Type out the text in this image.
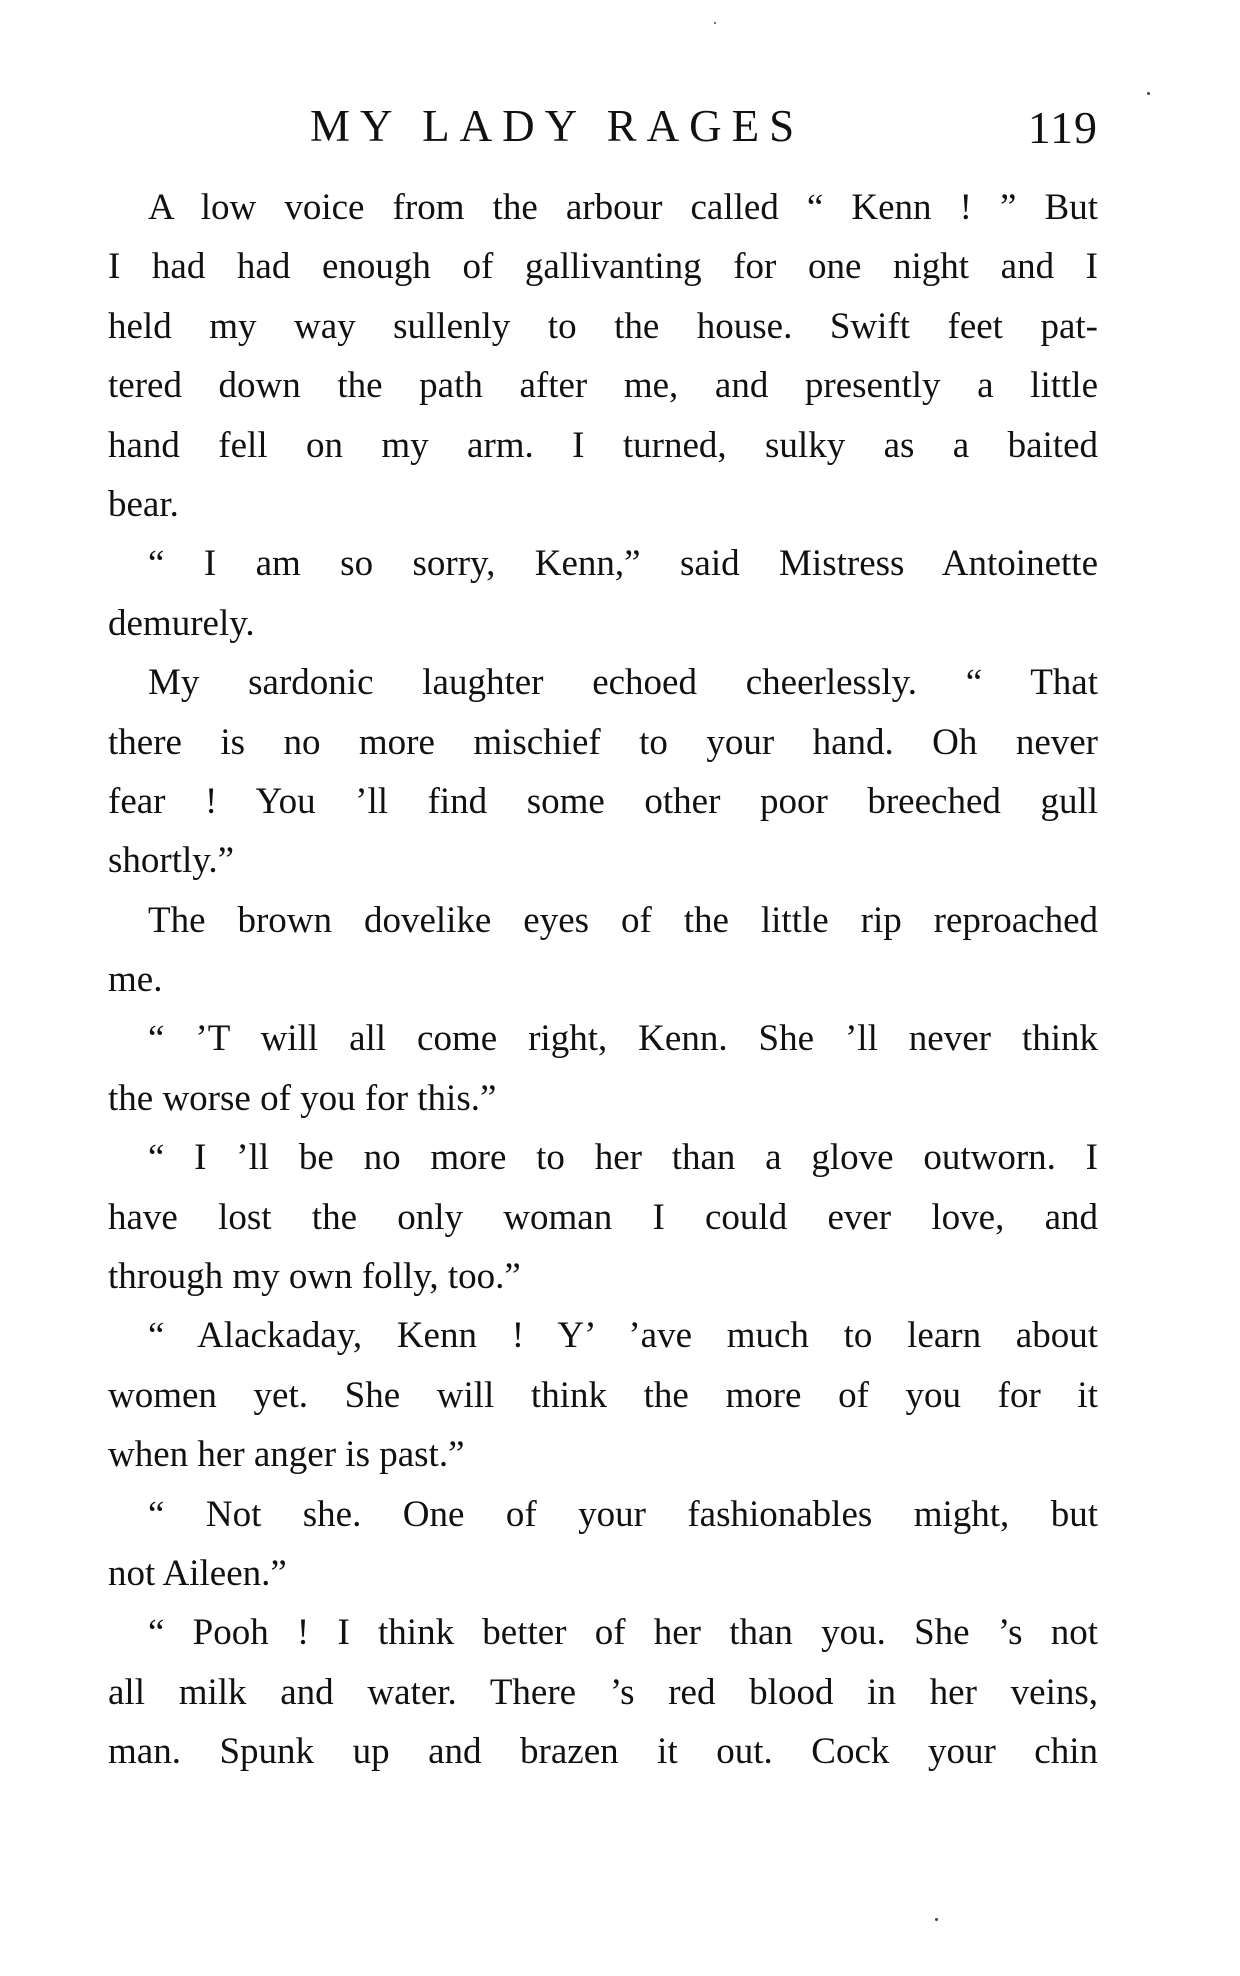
MY LADY RAGES	119
A low voice from the arbour called “ Kenn ! ” But
I had had enough of gallivanting for one night and I
held my way sullenly to the house. Swift feet pat-
tered down the path after me, and presently a little
hand fell on my arm. I turned, sulky as a baited
bear.
“ I am so sorry, Kenn,” said Mistress Antoinette
demurely.
My sardonic laughter echoed cheerlessly. “ That
there is no more mischief to your hand. Oh never
fear ! You ’ll find some other poor breeched gull
shortly.”
The brown dovelike eyes of the little rip reproached
me.
“ ’T will all come right, Kenn. She ’ll never think
the worse of you for this.”
“ I ’ll be no more to her than a glove outworn. I
have lost the only woman I could ever love, and
through my own folly, too.”
“ Alackaday, Kenn ! Y’ ’ave much to learn about
women yet. She will think the more of you for it
when her anger is past.”
“ Not she. One of your fashionables might, but
not Aileen.”
“ Pooh ! I think better of her than you. She ’s not
all milk and water. There ’s red blood in her veins,
man. Spunk up and brazen it out. Cock your chin
